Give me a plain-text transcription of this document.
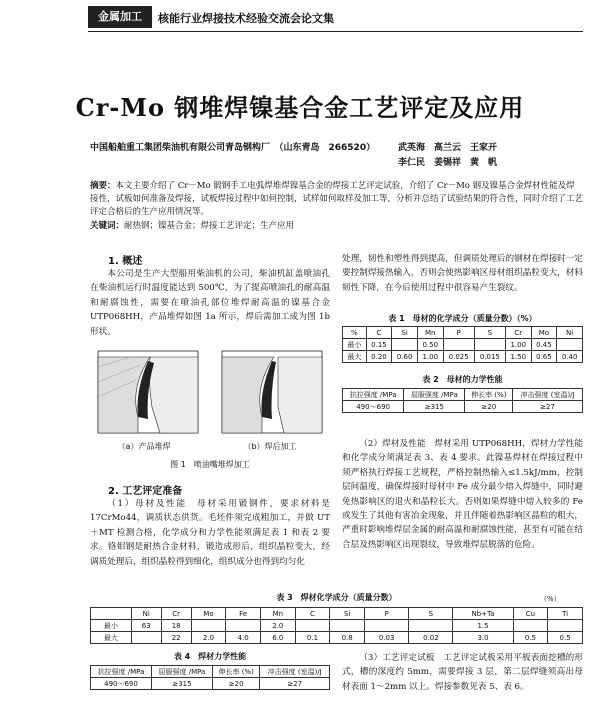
金属加工	核能行业焊接技术经验交流会论文集
Cr-Mo 钢堆焊镍基合金工艺评定及应用
中国船舶重工集团柴油机有限公司青岛钢构厂　（山东青岛　266520）	武英海　高兰云　王家开
李仁民　姜锡祥　黄　帆
摘要：本文主要介绍了 Cr－Mo 锻钢手工电弧焊堆焊镍基合金的焊接工艺评定试验，介绍了 Cr－Mo 钢及镍基合金焊材性能及焊接性，试板如何准备及焊接，试板焊接过程中如何控制，试样如何取样及加工等，分析并总结了试验结果的符合性，同时介绍了工艺评定合格后的生产应用情况等。
关键词：耐热钢；镍基合金；焊接工艺评定；生产应用
1. 概述
本公司是生产大型船用柴油机的公司，柴油机缸盖喷油孔在柴油机运行时温度能达到 500℃，为了提高喷油孔的耐高温和耐腐蚀性，需要在喷油孔部位堆焊耐高温的镍基合金 UTP068HH，产品堆焊如图 1a 所示，焊后需加工成为图 1b 形状。
（a）产品堆焊	（b）焊后加工
图 1　喷油嘴堆焊加工
2. 工艺评定准备
（1）母材及性能　母材采用锻钢件，要求材料是 17CrMo44，调质状态供货。毛坯件须完成粗加工，并做 UT＋MT 检测合格，化学成分和力学性能须满足表 1 和表 2 要求。铬钼钢是耐热合金材料，锻造成形后，组织晶粒变大，经调质处理后，组织晶粒得到细化，组织成分也得到均匀化
处理，韧性和塑性得到提高，但调质处理后的钢材在焊接时一定要控制焊接热输入，否则会使热影响区母材组织晶粒变大，材料韧性下降，在今后使用过程中很容易产生裂纹。
表 1　母材的化学成分（质量分数）（%）
%	C	Si	Mn	P	S	Cr	Mo	Ni
最小	0.15		0.50			1.00	0.45	
最大	0.20	0.60	1.00	0.025	0.015	1.50	0.65	0.40
表 2　母材的力学性能
抗拉强度 /MPa	屈服强度 /MPa	伸长率 (%)	冲击强度 (室温)/J
490～690	≥315	≥20	≥27
（2）焊材及性能　焊材采用 UTP068HH，焊材力学性能和化学成分须满足表 3、表 4 要求。此镍基焊材在焊接过程中须严格执行焊接工艺规程，严格控制热输入≤1.5kJ/mm，控制层间温度，确保焊接时母材中 Fe 成分最少熔入焊缝中，同时避免热影响区的退火和晶粒长大。否则如果焊缝中熔入较多的 Fe 或发生了其他有害冶金现象，并且伴随着热影响区晶粒的粗大，严重时影响堆焊层金属的耐高温和耐腐蚀性能，甚至有可能在结合层及热影响区出现裂纹，导致堆焊层脱落的危险。
表 3　焊材化学成分（质量分数）	（%）
	Ni	Cr	Mo	Fe	Mn	C	Si	P	S	Nb+Ta	Cu	Ti
最小	63	18			2.0					1.5		
最大		22	2.0	4.0	6.0	0.1	0.8	0.03	0.02	3.0	0.5	0.5
表 4　焊材力学性能
抗拉强度 /MPa	屈服强度 /MPa	伸长率 (%)	冲击强度 (室温)/J
490～690	≥315	≥20	≥27
（3）工艺评定试板　工艺评定试板采用平板表面挖槽的形式，槽的深度约 5mm，需要焊接 3 层，第二层焊缝须高出母材表面 1～2mm 以上。焊接参数见表 5、表 6。
